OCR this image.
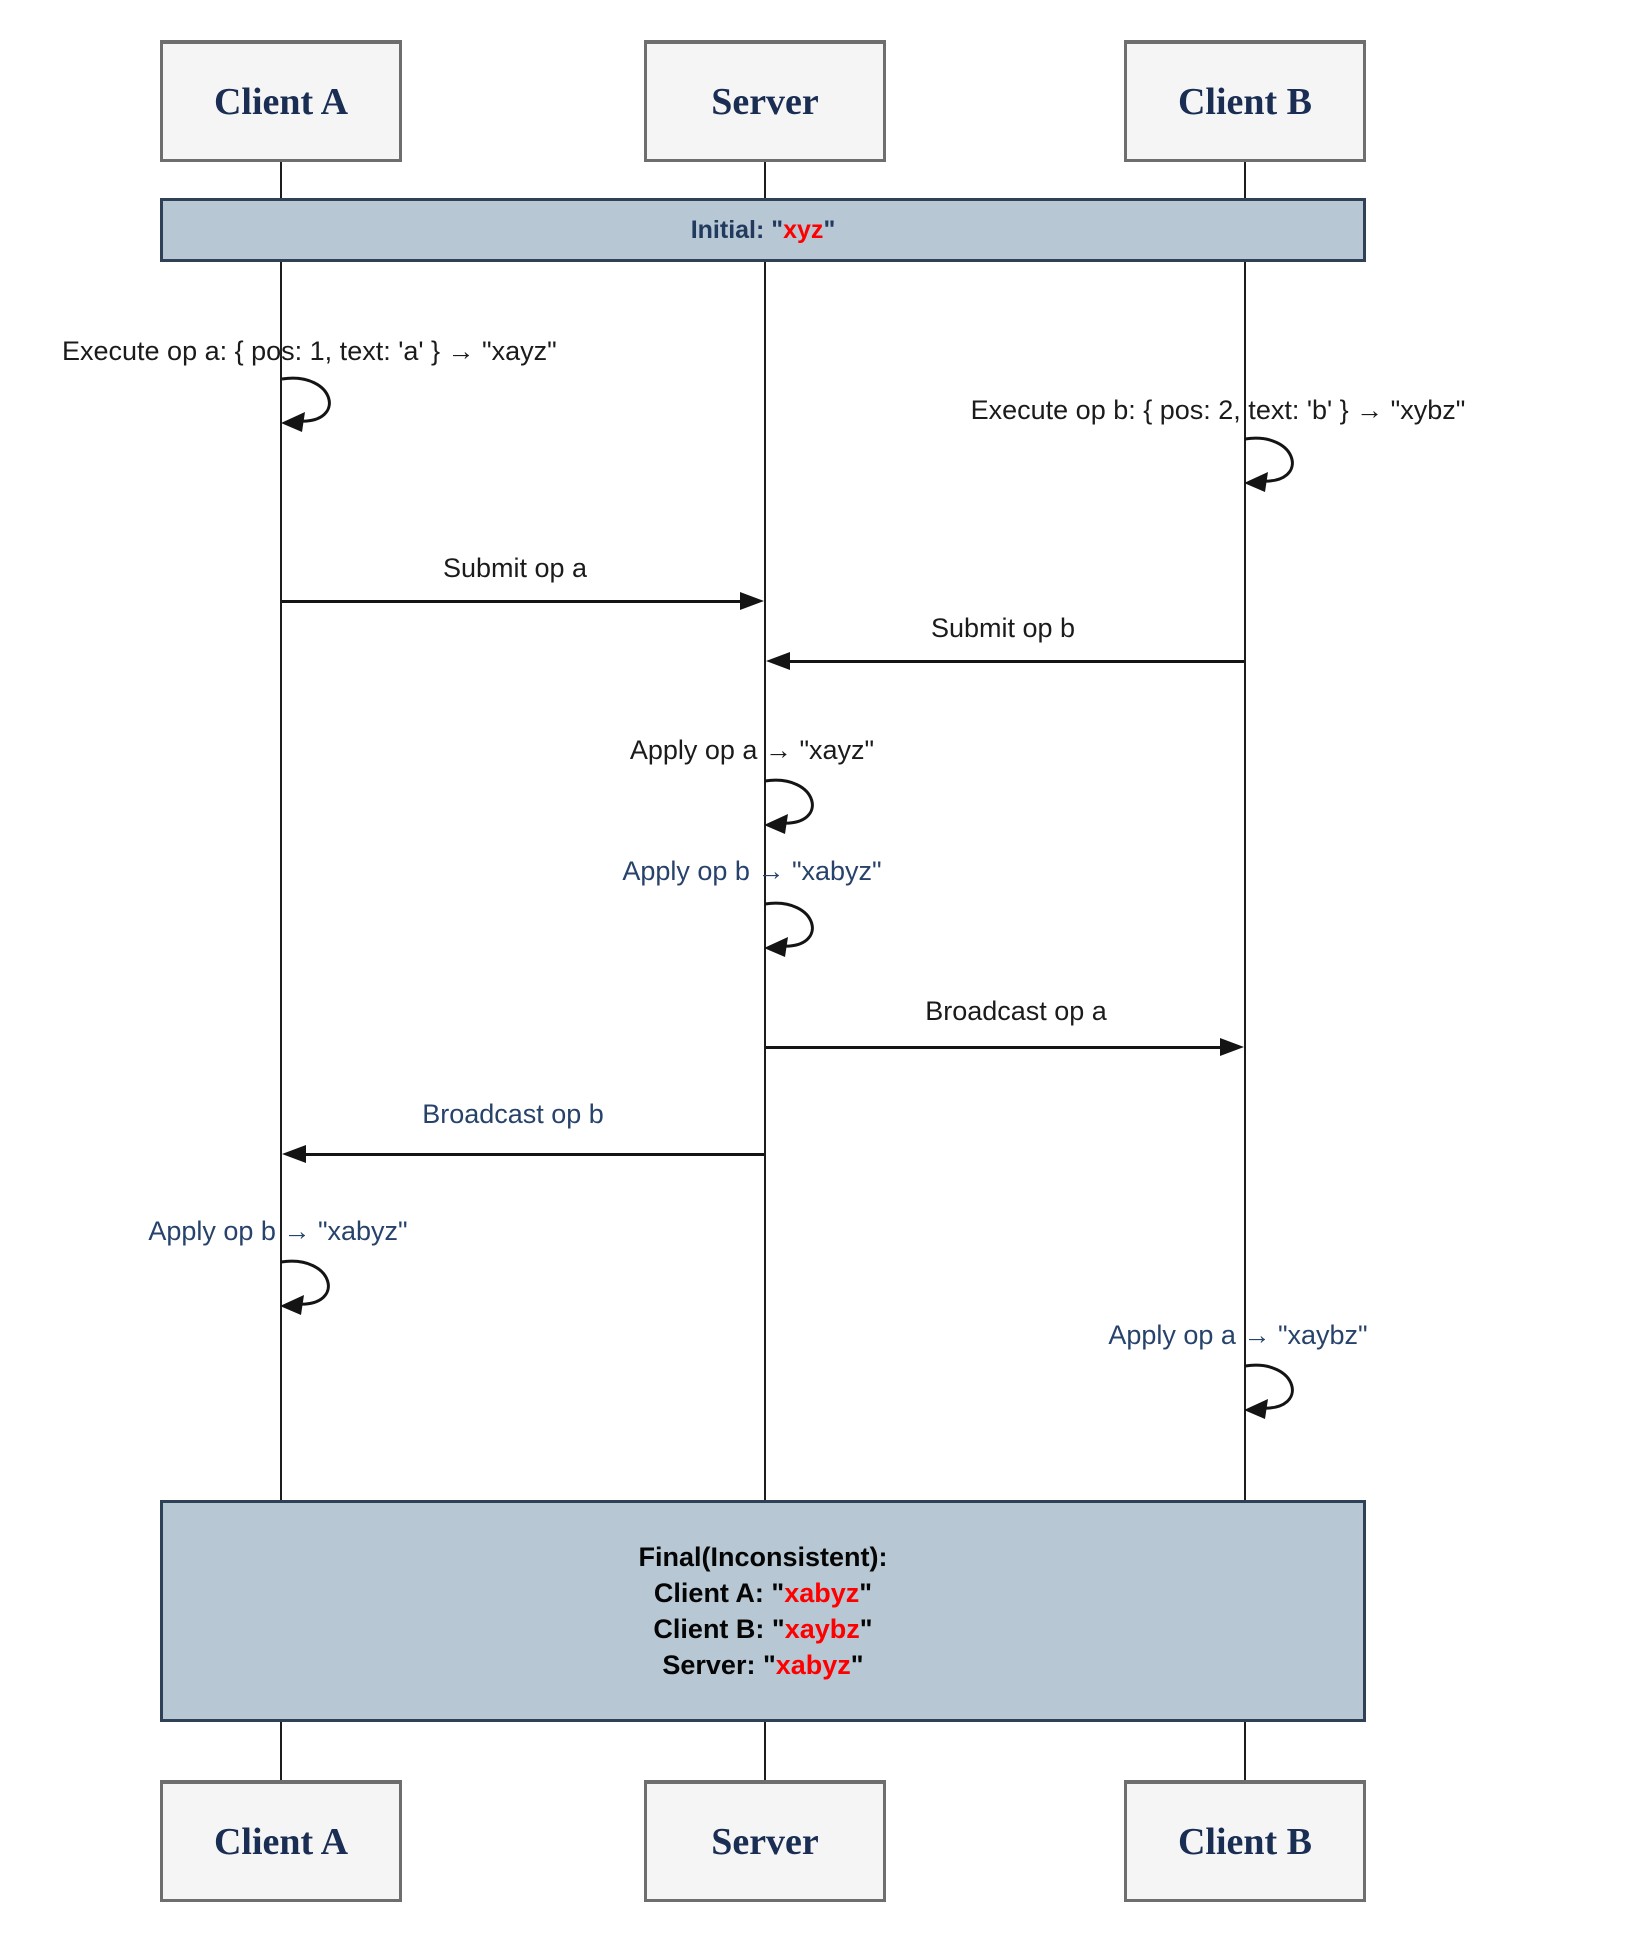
Client A	Server	Client B
Initial: "xyz"
Execute op a: { pos: 1, text: 'a' } → "xayz"
Execute op b: { pos: 2, text: 'b' } → "xybz"
Submit op a
Submit op b
Apply op a → "xayz"
Apply op b → "xabyz"
Broadcast op a
Broadcast op b
Apply op b → "xabyz"
Apply op a → "xaybz"
Final(Inconsistent):
Client A: "xabyz"
Client B: "xaybz"
Server: "xabyz"
Client A	Server	Client B
